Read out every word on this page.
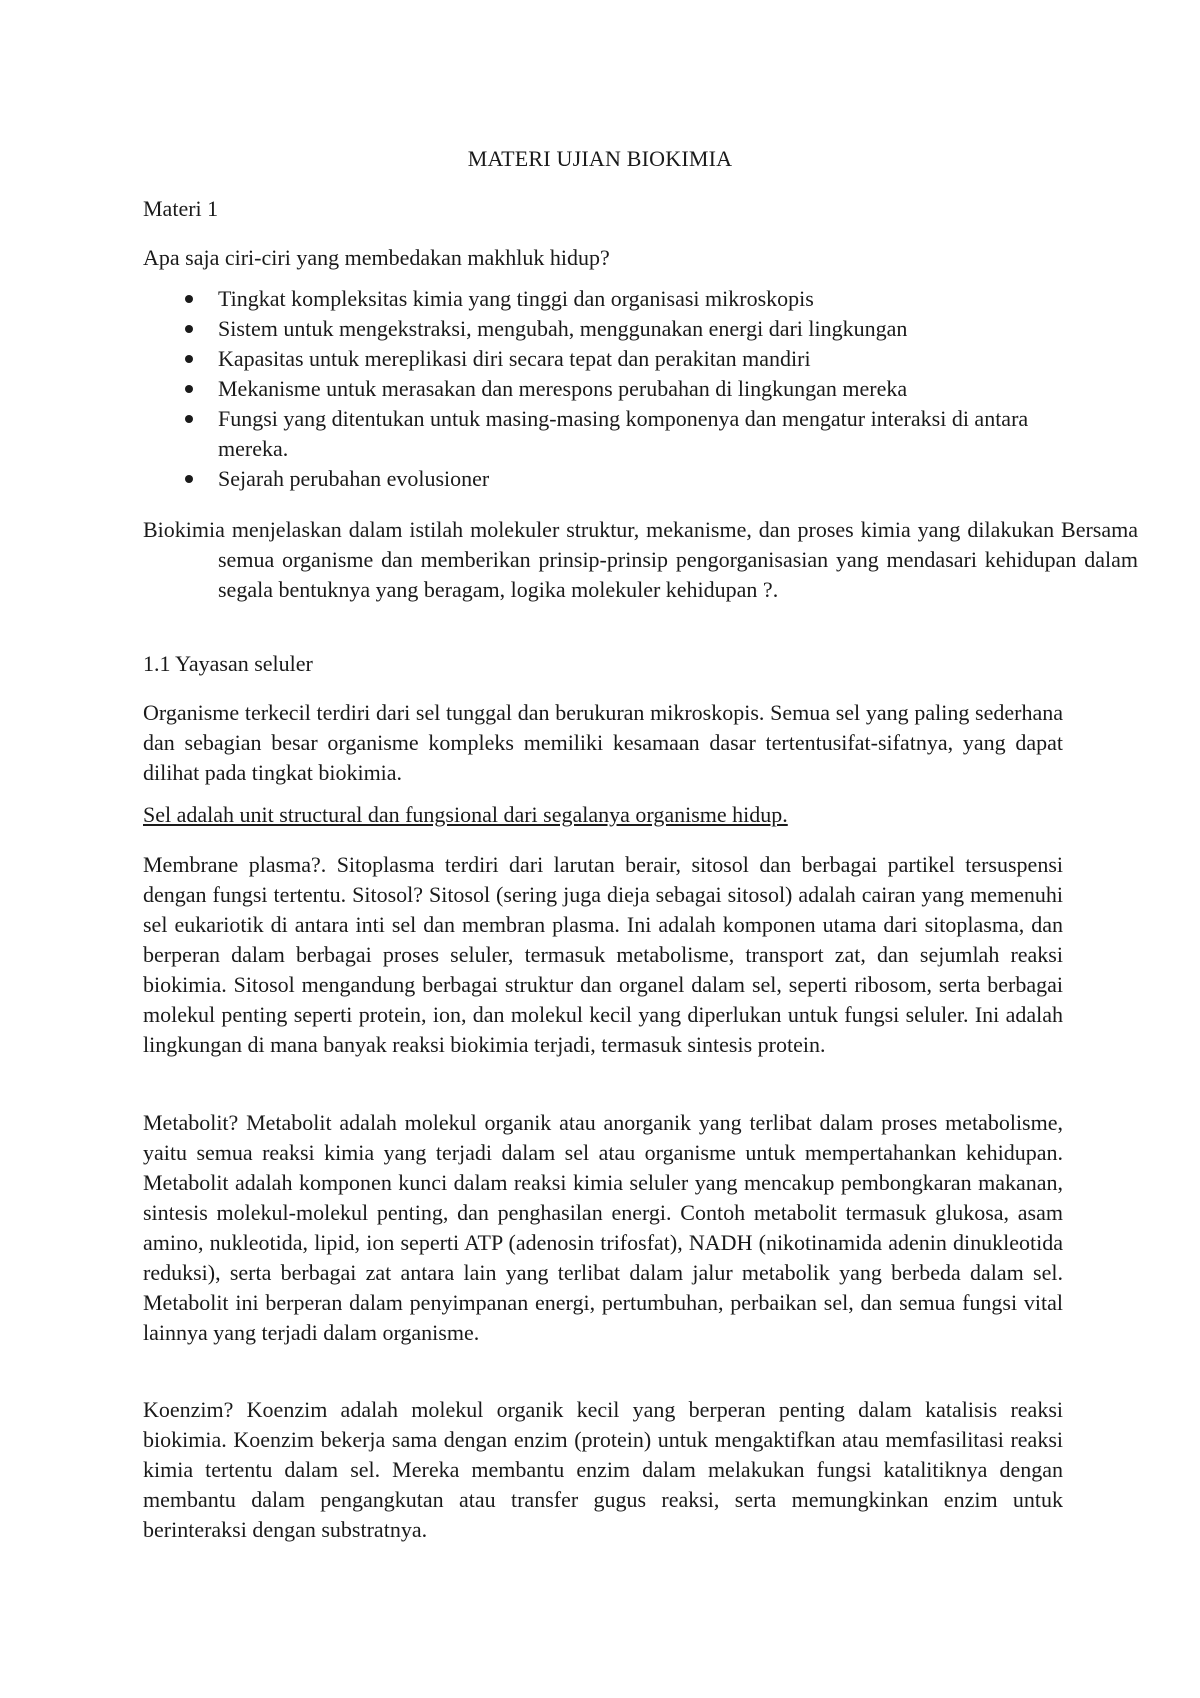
MATERI UJIAN BIOKIMIA

Materi 1

Apa saja ciri-ciri yang membedakan makhluk hidup?

Tingkat kompleksitas kimia yang tinggi dan organisasi mikroskopis
Sistem untuk mengekstraksi, mengubah, menggunakan energi dari lingkungan
Kapasitas untuk mereplikasi diri secara tepat dan perakitan mandiri
Mekanisme untuk merasakan dan merespons perubahan di lingkungan mereka
Fungsi yang ditentukan untuk masing-masing komponenya dan mengatur interaksi di antara mereka.
Sejarah perubahan evolusioner

Biokimia menjelaskan dalam istilah molekuler struktur, mekanisme, dan proses kimia yang dilakukan Bersama semua organisme dan memberikan prinsip-prinsip pengorganisasian yang mendasari kehidupan dalam segala bentuknya yang beragam, logika molekuler kehidupan ?.

1.1 Yayasan seluler

Organisme terkecil terdiri dari sel tunggal dan berukuran mikroskopis. Semua sel yang paling sederhana dan sebagian besar organisme kompleks memiliki kesamaan dasar tertentusifat-sifatnya, yang dapat dilihat pada tingkat biokimia.

Sel adalah unit structural dan fungsional dari segalanya organisme hidup.

Membrane plasma?. Sitoplasma terdiri dari larutan berair, sitosol dan berbagai partikel tersuspensi dengan fungsi tertentu. Sitosol? Sitosol (sering juga dieja sebagai sitosol) adalah cairan yang memenuhi sel eukariotik di antara inti sel dan membran plasma. Ini adalah komponen utama dari sitoplasma, dan berperan dalam berbagai proses seluler, termasuk metabolisme, transport zat, dan sejumlah reaksi biokimia. Sitosol mengandung berbagai struktur dan organel dalam sel, seperti ribosom, serta berbagai molekul penting seperti protein, ion, dan molekul kecil yang diperlukan untuk fungsi seluler. Ini adalah lingkungan di mana banyak reaksi biokimia terjadi, termasuk sintesis protein.

Metabolit? Metabolit adalah molekul organik atau anorganik yang terlibat dalam proses metabolisme, yaitu semua reaksi kimia yang terjadi dalam sel atau organisme untuk mempertahankan kehidupan. Metabolit adalah komponen kunci dalam reaksi kimia seluler yang mencakup pembongkaran makanan, sintesis molekul-molekul penting, dan penghasilan energi. Contoh metabolit termasuk glukosa, asam amino, nukleotida, lipid, ion seperti ATP (adenosin trifosfat), NADH (nikotinamida adenin dinukleotida reduksi), serta berbagai zat antara lain yang terlibat dalam jalur metabolik yang berbeda dalam sel. Metabolit ini berperan dalam penyimpanan energi, pertumbuhan, perbaikan sel, dan semua fungsi vital lainnya yang terjadi dalam organisme.

Koenzim? Koenzim adalah molekul organik kecil yang berperan penting dalam katalisis reaksi biokimia. Koenzim bekerja sama dengan enzim (protein) untuk mengaktifkan atau memfasilitasi reaksi kimia tertentu dalam sel. Mereka membantu enzim dalam melakukan fungsi katalitiknya dengan membantu dalam pengangkutan atau transfer gugus reaksi, serta memungkinkan enzim untuk berinteraksi dengan substratnya.
